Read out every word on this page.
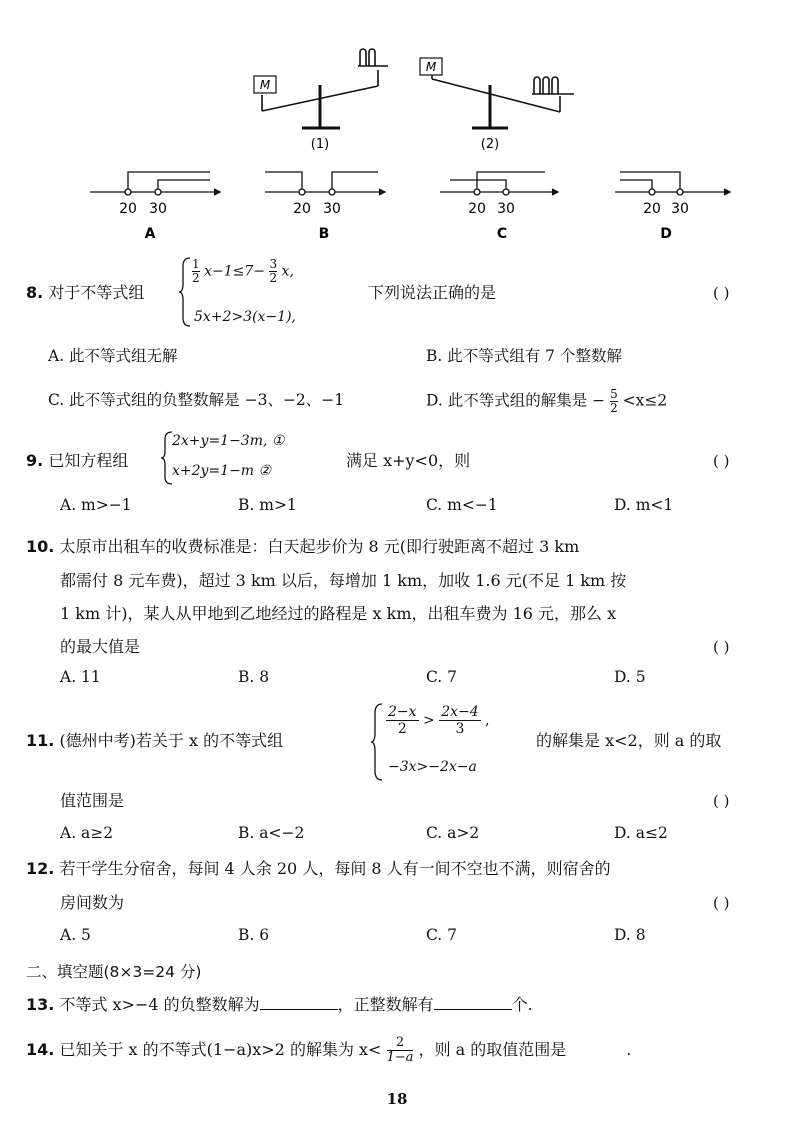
M
(1)
M
(2)
20 30	20 30	20 30	20 30
A	B	C	D
8. 对于不等式组
$\frac{1}{2} x-1\le 7- \frac{3}{2} x$,
5x+2>3(x−1),
下列说法正确的是	( )
A. 此不等式组无解	B. 此不等式组有 7 个整数解
C. 此不等式组的负整数解是 −3、−2、−1	D. 此不等式组的解集是 − $\frac{5}{2} <x\le 2$
9. 已知方程组
2x+y=1−3m, ①
x+2y=1−m ②
满足 x+y<0，则	( )
A. m>−1	B. m>1	C. m<−1	D. m<1
10. 太原市出租车的收费标准是：白天起步价为 8 元(即行驶距离不超过 3 km
都需付 8 元车费)，超过 3 km 以后，每增加 1 km，加收 1.6 元(不足 1 km 按
1 km 计)，某人从甲地到乙地经过的路程是 x km，出租车费为 16 元，那么 x
的最大值是	( )
A. 11	B. 8	C. 7	D. 5
11. (德州中考)若关于 x 的不等式组
$\frac{2-x}{2} > \frac{2x-4}{3}$ ,
−3x>−2x−a
的解集是 x<2，则 a 的取
值范围是	( )
A. a≥2	B. a<−2	C. a>2	D. a≤2
12. 若干学生分宿舍，每间 4 人余 20 人，每间 8 人有一间不空也不满，则宿舍的
房间数为	( )
A. 5	B. 6	C. 7	D. 8
二、填空题(8×3=24 分)
13. 不等式 x>−4 的负整数解为	，正整数解有	个.
14. 已知关于 x 的不等式(1−a)x>2 的解集为 $x< \frac{2}{1-a}$ ，则 a 的取值范围是	.
18
